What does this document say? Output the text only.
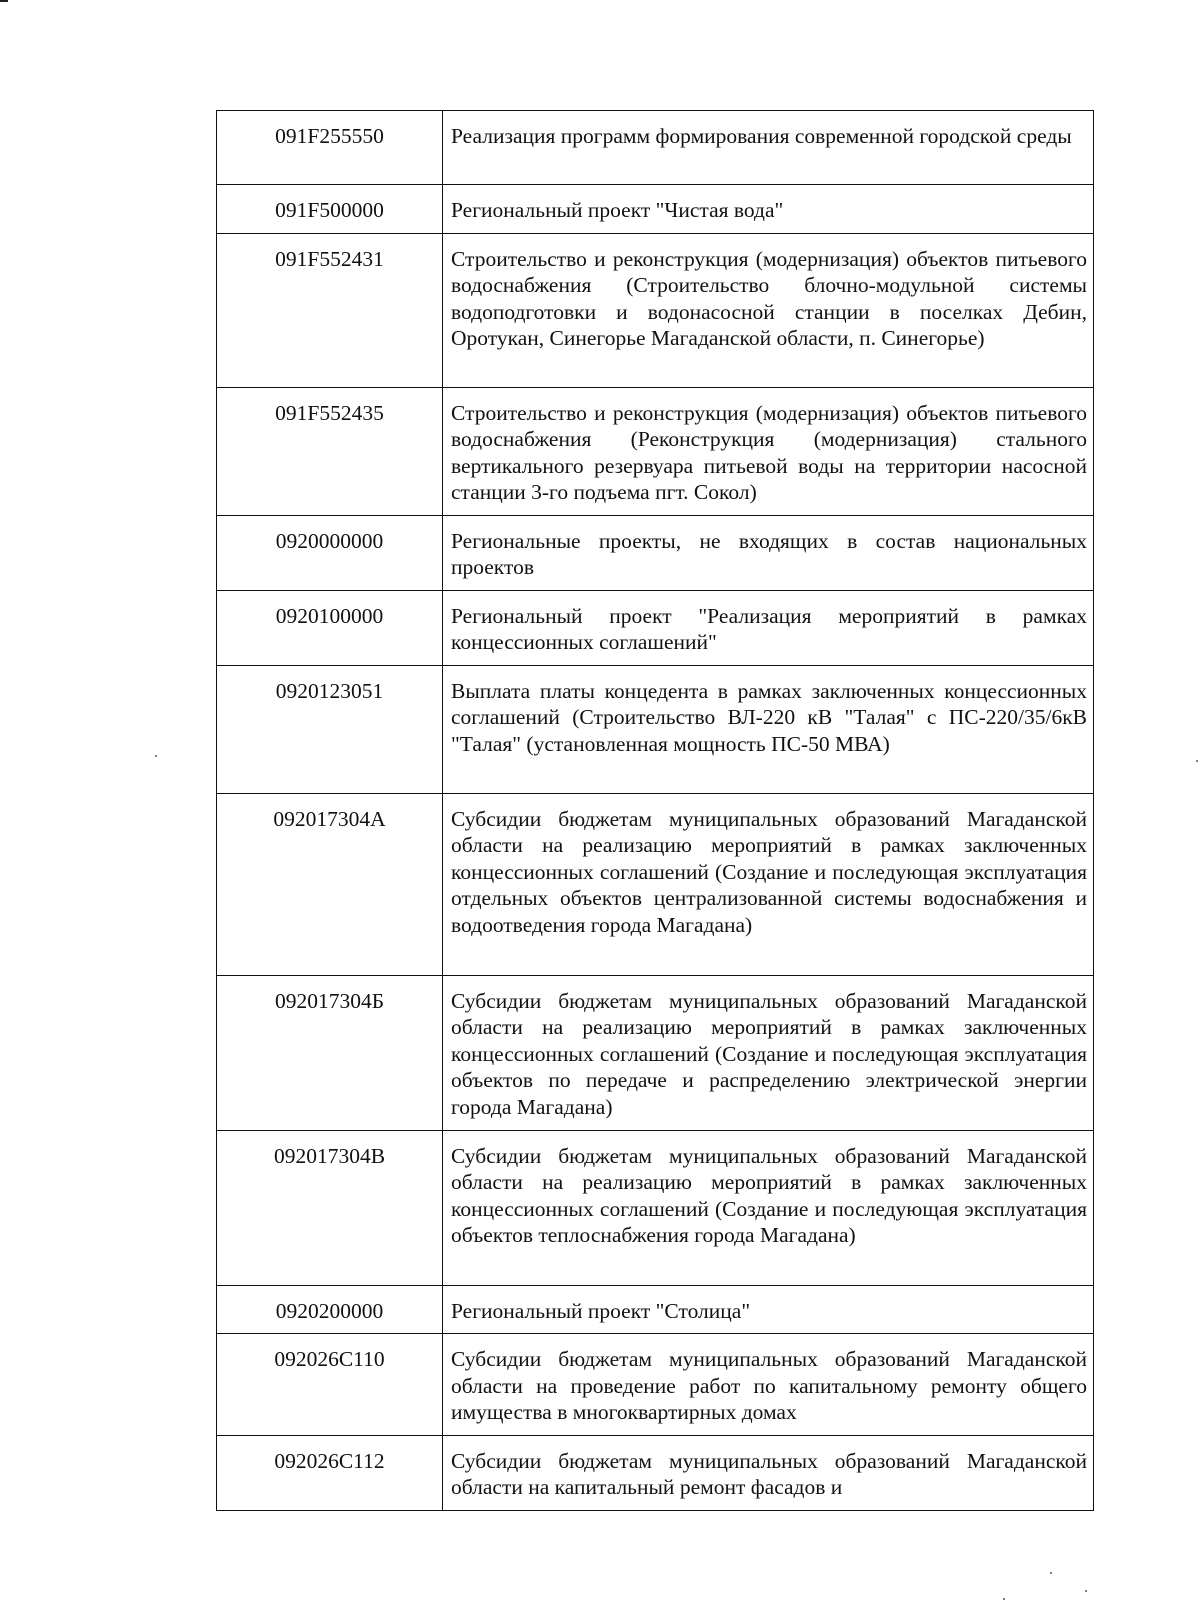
091F255550	Реализация программ формирования современной городской среды
091F500000	Региональный проект "Чистая вода"
091F552431	Строительство и реконструкция (модернизация) объектов питьевого водоснабжения (Строительство блочно-модульной системы водоподготовки и водонасосной станции в поселках Дебин, Оротукан, Синегорье Магаданской области, п. Синегорье)
091F552435	Строительство и реконструкция (модернизация) объектов питьевого водоснабжения (Реконструкция (модернизация) стального вертикального резервуара питьевой воды на территории насосной станции 3-го подъема пгт. Сокол)
0920000000	Региональные проекты, не входящих в состав национальных проектов
0920100000	Региональный проект "Реализация мероприятий в рамках концессионных соглашений"
0920123051	Выплата платы концедента в рамках заключенных концессионных соглашений (Строительство ВЛ-220 кВ "Талая" с ПС-220/35/6кВ "Талая" (установленная мощность ПС-50 МВА)
092017304А	Субсидии бюджетам муниципальных образований Магаданской области на реализацию мероприятий в рамках заключенных концессионных соглашений (Создание и последующая эксплуатация отдельных объектов централизованной системы водоснабжения и водоотведения города Магадана)
092017304Б	Субсидии бюджетам муниципальных образований Магаданской области на реализацию мероприятий в рамках заключенных концессионных соглашений (Создание и последующая эксплуатация объектов по передаче и распределению электрической энергии города Магадана)
092017304В	Субсидии бюджетам муниципальных образований Магаданской области на реализацию мероприятий в рамках заключенных концессионных соглашений (Создание и последующая эксплуатация объектов теплоснабжения города Магадана)
0920200000	Региональный проект "Столица"
092026С110	Субсидии бюджетам муниципальных образований Магаданской области на проведение работ по капитальному ремонту общего имущества в многоквартирных домах
092026С112	Субсидии бюджетам муниципальных образований Магаданской области на капитальный ремонт фасадов и
